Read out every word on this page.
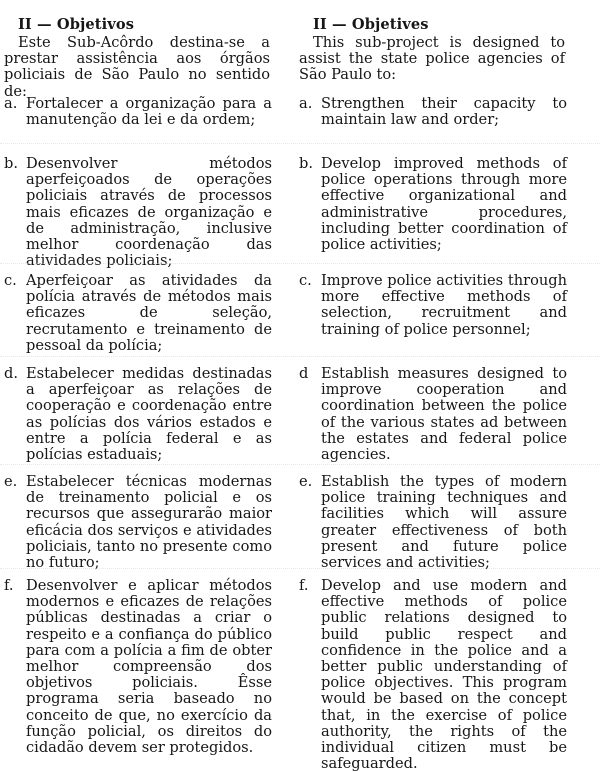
II — Objetivos
Este Sub-Acôrdo destina-se a prestar assistência aos órgãos policiais de São Paulo no sentido de:
a. Fortalecer a organização para a manutenção da lei e da ordem;
b. Desenvolver métodos aperfeiçoados de operações policiais através de processos mais eficazes de organização e de administração, inclusive melhor coordenação das atividades policiais;
c. Aperfeiçoar as atividades da polícia através de métodos mais eficazes de seleção, recrutamento e treinamento de pessoal da polícia;
d. Estabelecer medidas destinadas a aperfeiçoar as relações de cooperação e coordenação entre as polícias dos vários estados e entre a polícia federal e as polícias estaduais;
e. Estabelecer técnicas modernas de treinamento policial e os recursos que assegurarão maior eficácia dos serviços e atividades policiais, tanto no presente como no futuro;
f. Desenvolver e aplicar métodos modernos e eficazes de relações públicas destinadas a criar o respeito e a confiança do público para com a polícia a fim de obter melhor compreensão dos objetivos policiais. Êsse programa seria baseado no conceito de que, no exercício da função policial, os direitos do cidadão devem ser protegidos.
II — Objetives
This sub-project is designed to assist the state police agencies of São Paulo to:
a. Strengthen their capacity to maintain law and order;
b. Develop improved methods of police operations through more effective organizational and administrative procedures, including better coordination of police activities;
c. Improve police activities through more effective methods of selection, recruitment and training of police personnel;
d Establish measures designed to improve cooperation and coordination between the police of the various states ad between the estates and federal police agencies.
e. Establish the types of modern police training techniques and facilities which will assure greater effectiveness of both present and future police services and activities;
f. Develop and use modern and effective methods of police public relations designed to build public respect and confidence in the police and a better public understanding of police objectives. This program would be based on the concept that, in the exercise of police authority, the rights of the individual citizen must be safeguarded.
